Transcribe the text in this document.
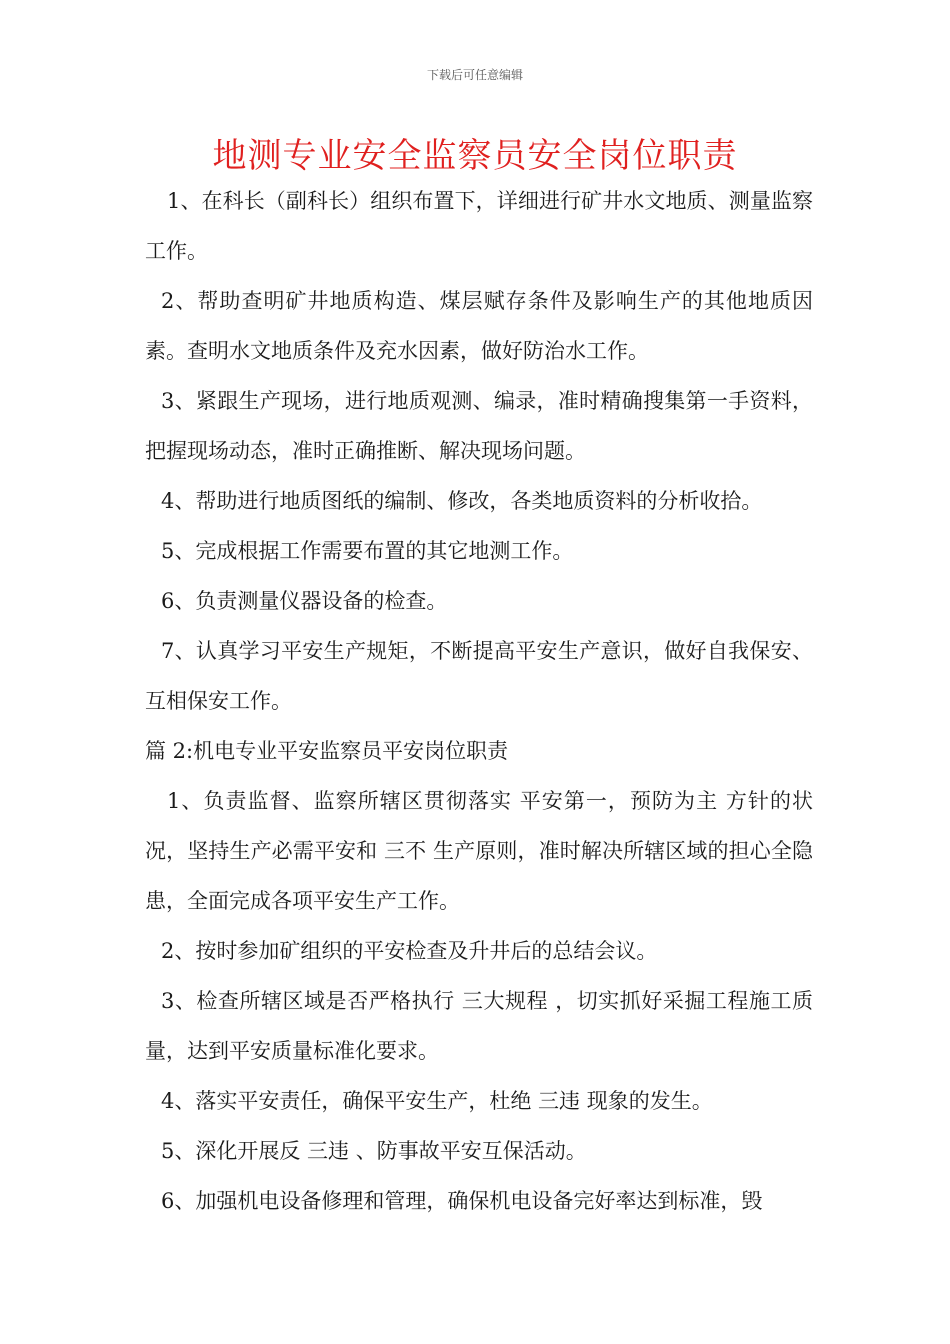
下载后可任意编辑
地测专业安全监察员安全岗位职责

1、在科长（副科长）组织布置下，详细进行矿井水文地质、测量监察工作。

2、帮助查明矿井地质构造、煤层赋存条件及影响生产的其他地质因素。查明水文地质条件及充水因素，做好防治水工作。

3、紧跟生产现场，进行地质观测、编录，准时精确搜集第一手资料，把握现场动态，准时正确推断、解决现场问题。

4、帮助进行地质图纸的编制、修改，各类地质资料的分析收拾。

5、完成根据工作需要布置的其它地测工作。

6、负责测量仪器设备的检查。

7、认真学习平安生产规矩，不断提高平安生产意识，做好自我保安、互相保安工作。

篇 2:机电专业平安监察员平安岗位职责

1、负责监督、监察所辖区贯彻落实 平安第一，预防为主 方针的状况，坚持生产必需平安和 三不 生产原则，准时解决所辖区域的担心全隐患，全面完成各项平安生产工作。

2、按时参加矿组织的平安检查及升井后的总结会议。

3、检查所辖区域是否严格执行 三大规程 ，切实抓好采掘工程施工质量，达到平安质量标准化要求。

4、落实平安责任，确保平安生产，杜绝 三违 现象的发生。

5、深化开展反 三违 、防事故平安互保活动。

6、加强机电设备修理和管理，确保机电设备完好率达到标准，毁
